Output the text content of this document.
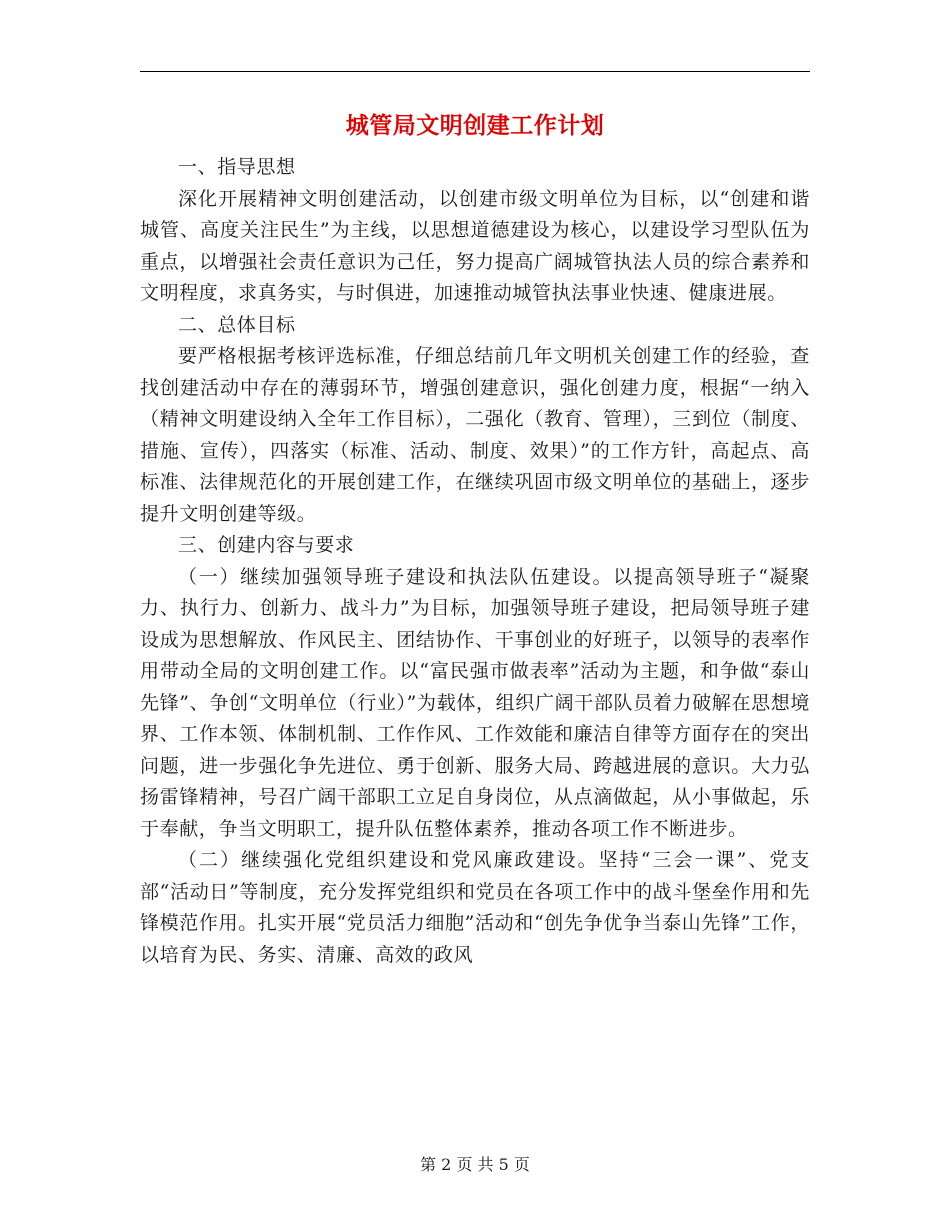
城管局文明创建工作计划

一、指导思想

深化开展精神文明创建活动，以创建市级文明单位为目标，以“创建和谐城管、高度关注民生”为主线，以思想道德建设为核心，以建设学习型队伍为重点，以增强社会责任意识为己任，努力提高广阔城管执法人员的综合素养和文明程度，求真务实，与时俱进，加速推动城管执法事业快速、健康进展。

二、总体目标

要严格根据考核评选标准，仔细总结前几年文明机关创建工作的经验，查找创建活动中存在的薄弱环节，增强创建意识，强化创建力度，根据“一纳入（精神文明建设纳入全年工作目标），二强化（教育、管理），三到位（制度、措施、宣传），四落实（标准、活动、制度、效果）”的工作方针，高起点、高标准、法律规范化的开展创建工作，在继续巩固市级文明单位的基础上，逐步提升文明创建等级。

三、创建内容与要求

（一）继续加强领导班子建设和执法队伍建设。以提高领导班子“凝聚力、执行力、创新力、战斗力”为目标，加强领导班子建设，把局领导班子建设成为思想解放、作风民主、团结协作、干事创业的好班子，以领导的表率作用带动全局的文明创建工作。以“富民强市做表率”活动为主题，和争做“泰山先锋”、争创“文明单位（行业）”为载体，组织广阔干部队员着力破解在思想境界、工作本领、体制机制、工作作风、工作效能和廉洁自律等方面存在的突出问题，进一步强化争先进位、勇于创新、服务大局、跨越进展的意识。大力弘扬雷锋精神，号召广阔干部职工立足自身岗位，从点滴做起，从小事做起，乐于奉献，争当文明职工，提升队伍整体素养，推动各项工作不断进步。

（二）继续强化党组织建设和党风廉政建设。坚持“三会一课”、党支部“活动日”等制度，充分发挥党组织和党员在各项工作中的战斗堡垒作用和先锋模范作用。扎实开展“党员活力细胞”活动和“创先争优争当泰山先锋”工作，以培育为民、务实、清廉、高效的政风

第 2 页 共 5 页
